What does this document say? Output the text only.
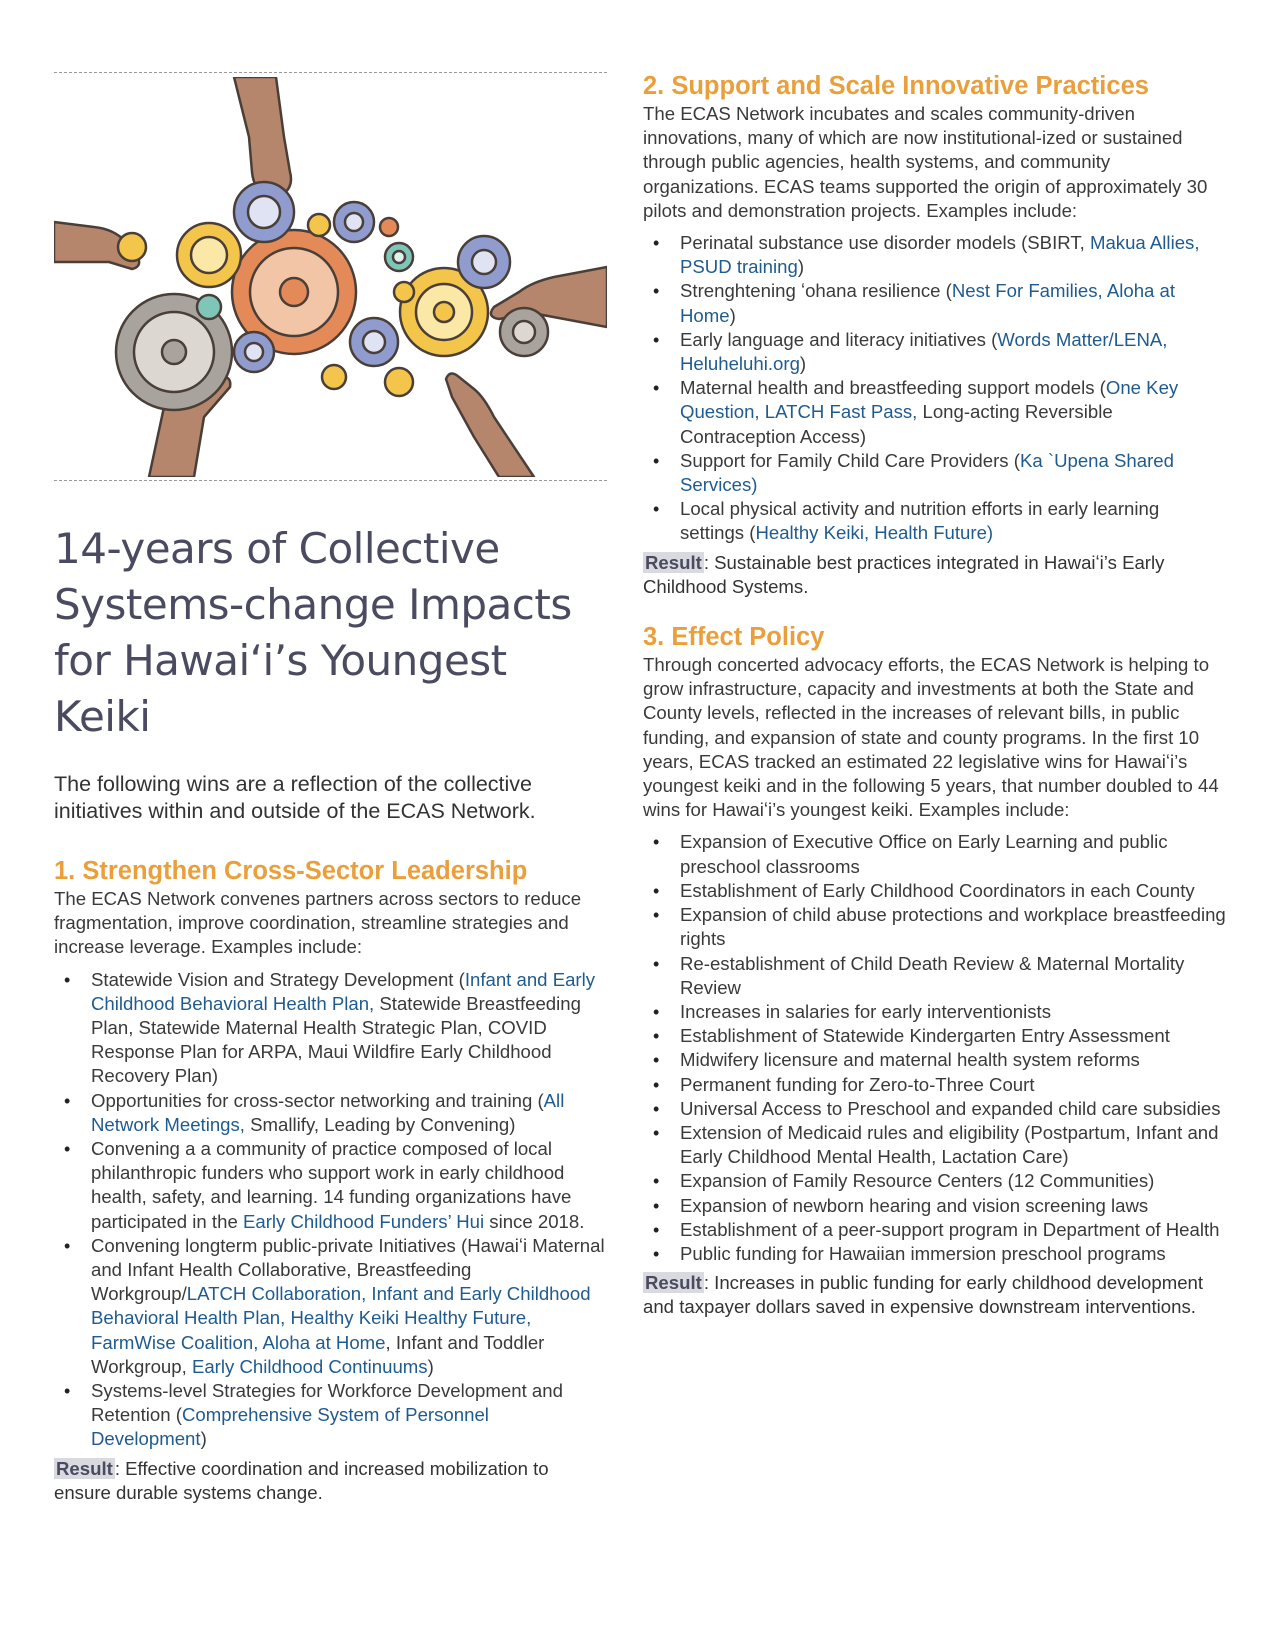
14-years of Collective Systems-change Impacts for Hawaiʻi’s Youngest Keiki

The following wins are a reflection of the collective initiatives within and outside of the ECAS Network.

1. Strengthen Cross-Sector Leadership

The ECAS Network convenes partners across sectors to reduce fragmentation, improve coordination, streamline strategies and increase leverage. Examples include:

• Statewide Vision and Strategy Development (Infant and Early Childhood Behavioral Health Plan, Statewide Breastfeeding Plan, Statewide Maternal Health Strategic Plan, COVID Response Plan for ARPA, Maui Wildfire Early Childhood Recovery Plan)
• Opportunities for cross-sector networking and training (All Network Meetings, Smallify, Leading by Convening)
• Convening a a community of practice composed of local philanthropic funders who support work in early childhood health, safety, and learning. 14 funding organizations have participated in the Early Childhood Funders’ Hui since 2018.
• Convening longterm public-private Initiatives (Hawaiʻi Maternal and Infant Health Collaborative, Breastfeeding Workgroup/LATCH Collaboration, Infant and Early Childhood Behavioral Health Plan, Healthy Keiki Healthy Future, FarmWise Coalition, Aloha at Home, Infant and Toddler Workgroup, Early Childhood Continuums)
• Systems-level Strategies for Workforce Development and Retention (Comprehensive System of Personnel Development)

Result : Effective coordination and increased mobilization to ensure durable systems change.

2. Support and Scale Innovative Practices

The ECAS Network incubates and scales community-driven innovations, many of which are now institutional-ized or sustained through public agencies, health systems, and community organizations. ECAS teams supported the origin of approximately 30 pilots and demonstration projects. Examples include:

• Perinatal substance use disorder models (SBIRT, Makua Allies, PSUD training)
• Strenghtening ʻohana resilience (Nest For Families, Aloha at Home)
• Early language and literacy initiatives (Words Matter/LENA, Heluheluhi.org)
• Maternal health and breastfeeding support models (One Key Question, LATCH Fast Pass, Long-acting Reversible Contraception Access)
• Support for Family Child Care Providers (Ka `Upena Shared Services)
• Local physical activity and nutrition efforts in early learning settings (Healthy Keiki, Health Future)

Result : Sustainable best practices integrated in Hawaiʻi’s Early Childhood Systems.

3. Effect Policy

Through concerted advocacy efforts, the ECAS Network is helping to grow infrastructure, capacity and investments at both the State and County levels, reflected in the increases of relevant bills, in public funding, and expansion of state and county programs. In the first 10 years, ECAS tracked an estimated 22 legislative wins for Hawaiʻi’s youngest keiki and in the following 5 years, that number doubled to 44 wins for Hawaiʻi’s youngest keiki. Examples include:

• Expansion of Executive Office on Early Learning and public preschool classrooms
• Establishment of Early Childhood Coordinators in each County
• Expansion of child abuse protections and workplace breastfeeding rights
• Re-establishment of Child Death Review & Maternal Mortality Review
• Increases in salaries for early interventionists
• Establishment of Statewide Kindergarten Entry Assessment
• Midwifery licensure and maternal health system reforms
• Permanent funding for Zero-to-Three Court
• Universal Access to Preschool and expanded child care subsidies
• Extension of Medicaid rules and eligibility (Postpartum, Infant and Early Childhood Mental Health, Lactation Care)
• Expansion of Family Resource Centers (12 Communities)
• Expansion of newborn hearing and vision screening laws
• Establishment of a peer-support program in Department of Health
• Public funding for Hawaiian immersion preschool programs

Result : Increases in public funding for early childhood development and taxpayer dollars saved in expensive downstream interventions.
